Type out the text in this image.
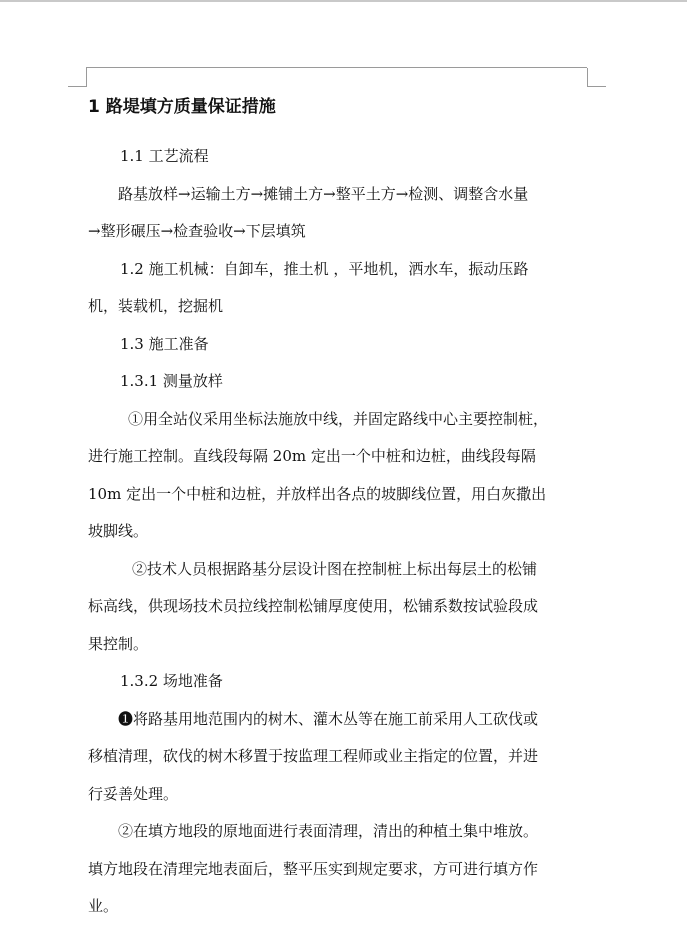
1 路堤填方质量保证措施

1.1 工艺流程

路基放样→运输土方→摊铺土方→整平土方→检测、调整含水量

→整形碾压→检查验收→下层填筑

1.2 施工机械：自卸车，推土机 ，平地机，洒水车，振动压路

机，装载机，挖掘机

1.3 施工准备

1.3.1 测量放样

①用全站仪采用坐标法施放中线，并固定路线中心主要控制桩，

进行施工控制。直线段每隔 20m 定出一个中桩和边桩，曲线段每隔

10m 定出一个中桩和边桩，并放样出各点的坡脚线位置，用白灰撒出

坡脚线。

②技术人员根据路基分层设计图在控制桩上标出每层土的松铺

标高线，供现场技术员拉线控制松铺厚度使用，松铺系数按试验段成

果控制。

1.3.2 场地准备

❶将路基用地范围内的树木、灌木丛等在施工前采用人工砍伐或

移植清理，砍伐的树木移置于按监理工程师或业主指定的位置，并进

行妥善处理。

②在填方地段的原地面进行表面清理，清出的种植土集中堆放。

填方地段在清理完地表面后，整平压实到规定要求，方可进行填方作

业。
